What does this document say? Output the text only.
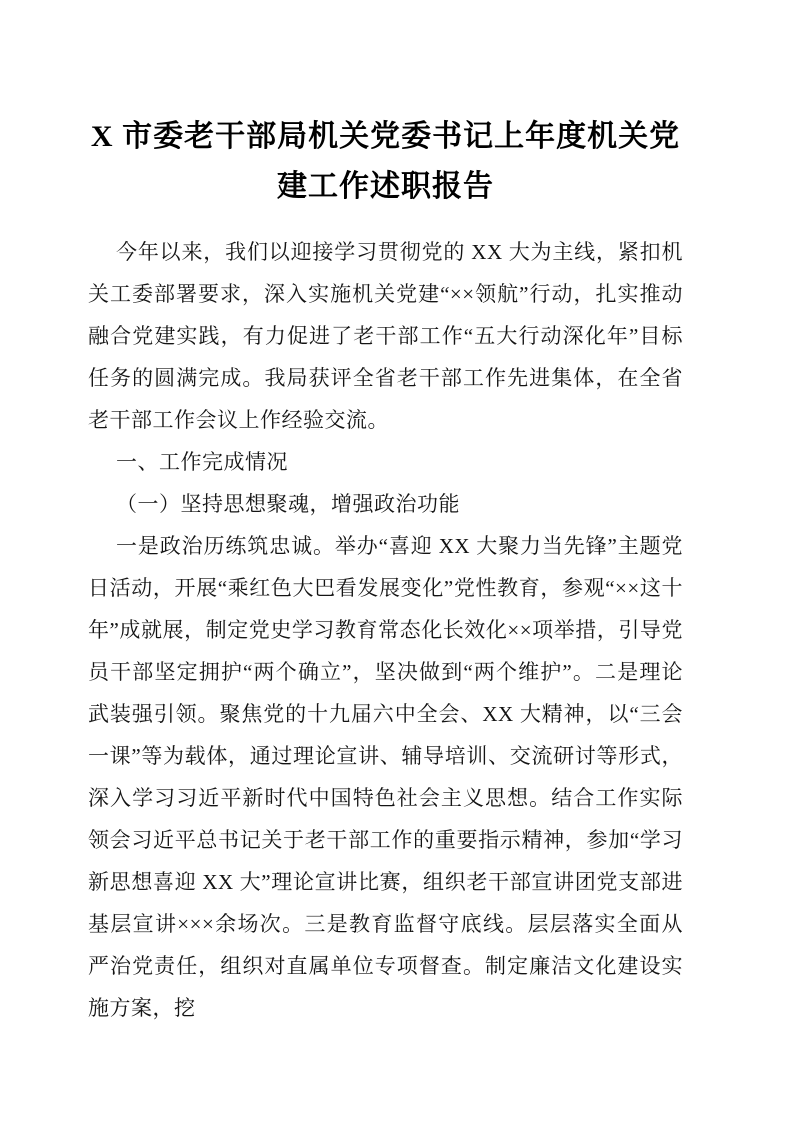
X 市委老干部局机关党委书记上年度机关党建工作述职报告

今年以来，我们以迎接学习贯彻党的 XX 大为主线，紧扣机关工委部署要求，深入实施机关党建“××领航”行动，扎实推动融合党建实践，有力促进了老干部工作“五大行动深化年”目标任务的圆满完成。我局获评全省老干部工作先进集体，在全省老干部工作会议上作经验交流。

一、工作完成情况

（一）坚持思想聚魂，增强政治功能

一是政治历练筑忠诚。举办“喜迎 XX 大聚力当先锋”主题党日活动，开展“乘红色大巴看发展变化”党性教育，参观“××这十年”成就展，制定党史学习教育常态化长效化××项举措，引导党员干部坚定拥护“两个确立”，坚决做到“两个维护”。二是理论武装强引领。聚焦党的十九届六中全会、XX 大精神，以“三会一课”等为载体，通过理论宣讲、辅导培训、交流研讨等形式，深入学习习近平新时代中国特色社会主义思想。结合工作实际领会习近平总书记关于老干部工作的重要指示精神，参加“学习新思想喜迎 XX 大”理论宣讲比赛，组织老干部宣讲团党支部进基层宣讲×××余场次。三是教育监督守底线。层层落实全面从严治党责任，组织对直属单位专项督查。制定廉洁文化建设实施方案，挖
